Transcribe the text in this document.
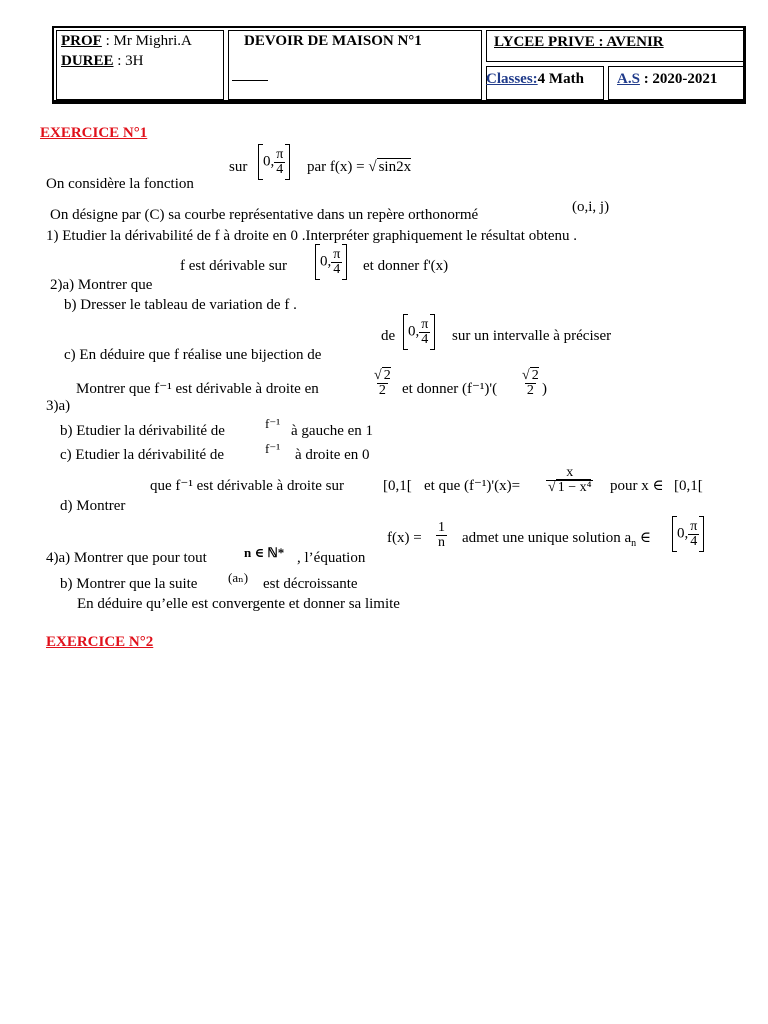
PROF : Mr Mighri.A
DUREE : 3H
DEVOIR DE MAISON N°1	LYCEE PRIVE : AVENIR
Classes:4 Math A.S : 2020-2021
EXERCICE N°1
sur	0, $\frac{\pi}{4}$ par f(x) = √ sin2x
On considère la fonction
(o,i, j)
On désigne par (C) sa courbe représentative dans un repère orthonormé
1) Etudier la dérivabilité de f à droite en 0 .Interpréter graphiquement le résultat obtenu .
f est dérivable sur	0, $\frac{\pi}{4}$ et donner f'(x)
2)a) Montrer que
b) Dresser le tableau de variation de f .
de 0, $\frac{\pi}{4}$ sur un intervalle à préciser
c) En déduire que f réalise une bijection de
Montrer que f⁻¹ est dérivable à droite en	$\frac{√ 2}{2}$ et donner $(f^{-1})'( \frac{√ 2}{2}$ )
3)a)
b) Etudier la dérivabilité de	f⁻¹ à gauche en 1
c) Etudier la dérivabilité de	f⁻¹ à droite en 0
que f⁻¹ est dérivable à droite sur	[0,1[ et que $(f^{-1})'(x)= \frac{x}{\text{√ 1 − x⁴}}$ pour x ∈ [0,1[
d) Montrer
$f(x) = \frac{1}{n}$ admet une unique solution $a_n$ ∈	0, $\frac{\pi}{4}$
4)a) Montrer que pour tout	n ∈ ℕ* , l’équation
b) Montrer que la suite (aₙ) est décroissante
En déduire qu’elle est convergente et donner sa limite
EXERCICE N°2
